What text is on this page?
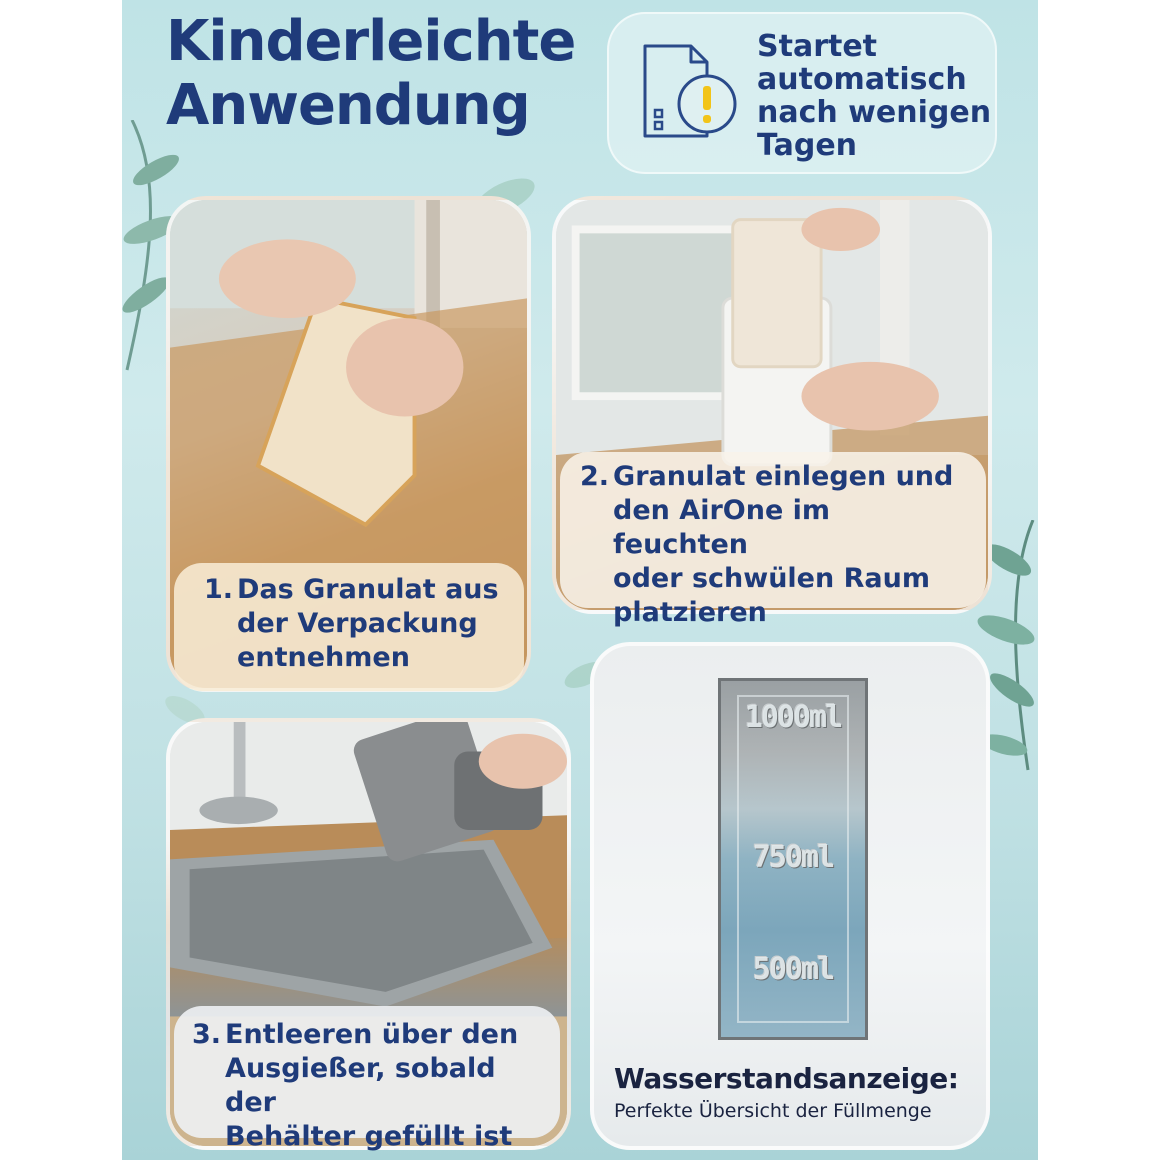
Kinderleichte
Anwendung
Startet
automatisch
nach wenigen
Tagen
1000ml
750ml
500ml
1. Das Granulat aus
der Verpackung
entnehmen
2. Granulat einlegen und
den AirOne im feuchten
oder schwülen Raum
platzieren
3. Entleeren über den
Ausgießer, sobald der
Behälter gefüllt ist
Wasserstandsanzeige:
Perfekte Übersicht der Füllmenge
